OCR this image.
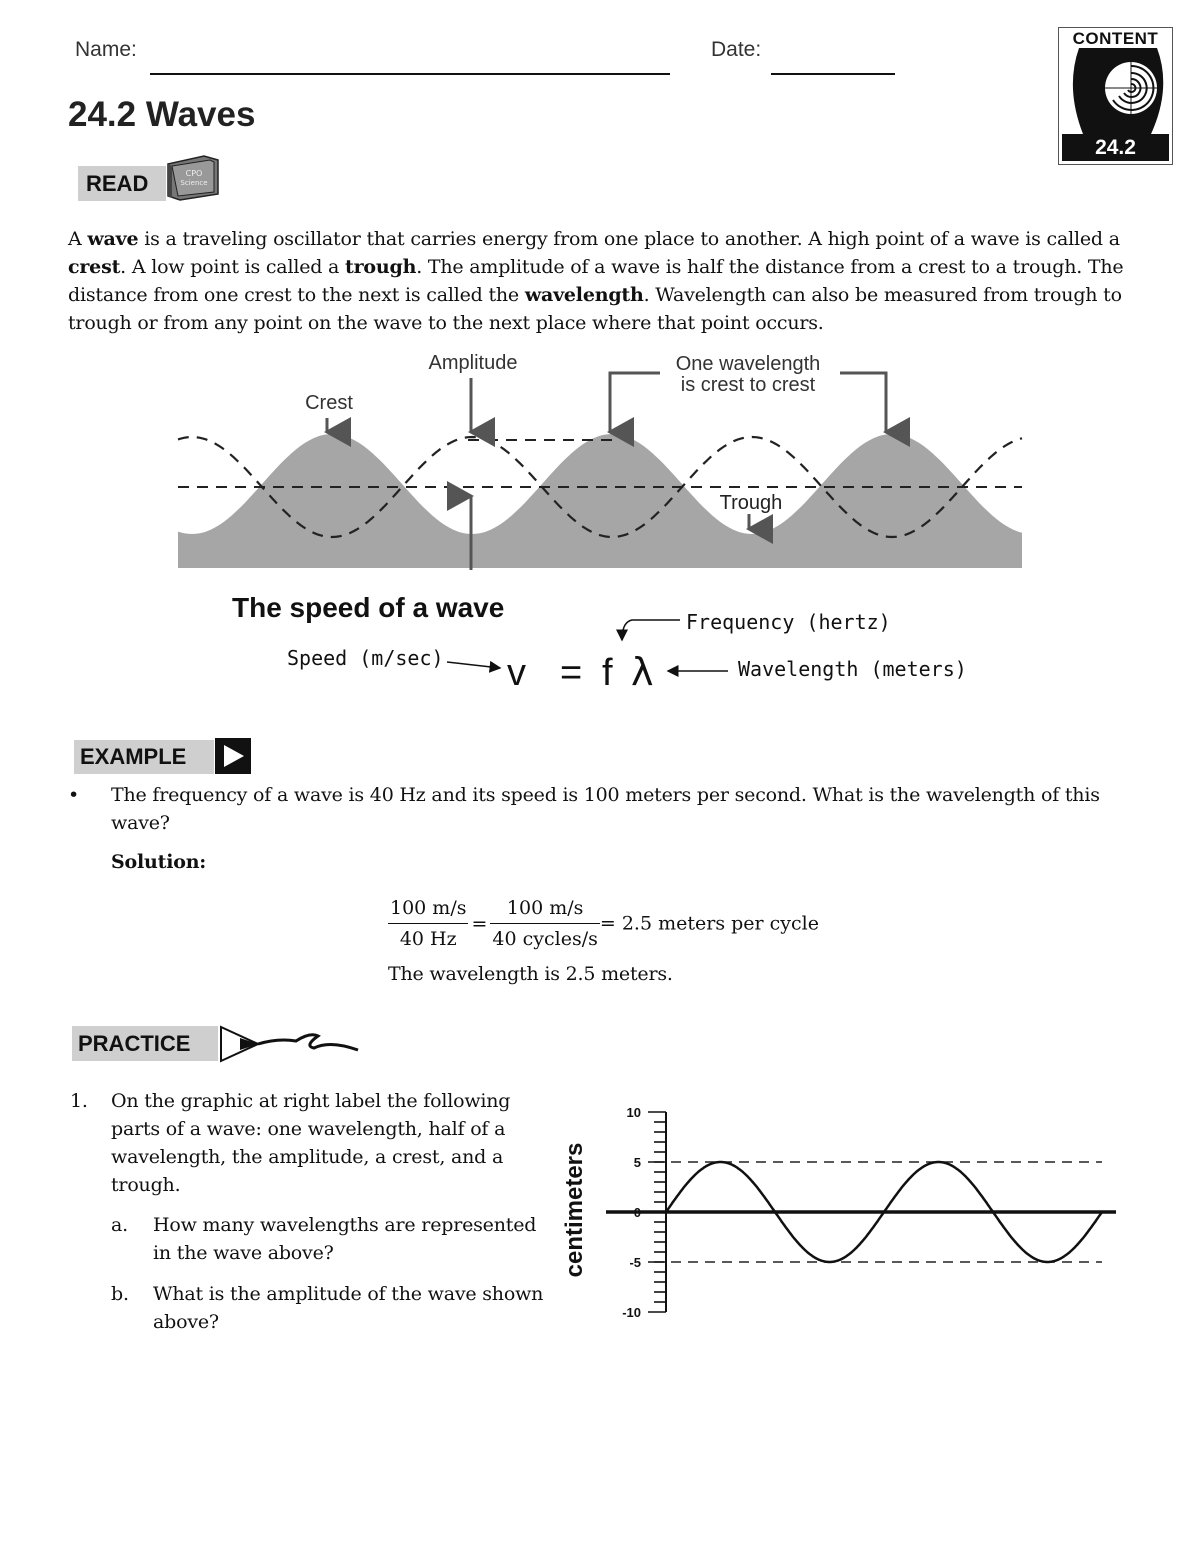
Name:	Date:	CONTENT
24.2
24.2 Waves
READ	CPO
Science
A wave is a traveling oscillator that carries energy from one place to another. A high point of a wave is called a crest. A low point is called a trough. The amplitude of a wave is half the distance from a crest to a trough. The distance from one crest to the next is called the wavelength. Wavelength can also be measured from trough to trough or from any point on the wave to the next place where that point occurs.
Crest
Amplitude	One wavelength
is crest to crest
Trough
The speed of a wave	Frequency (hertz)
Speed (m/sec) v = f λ	Wavelength (meters)
EXAMPLE
• The frequency of a wave is 40 Hz and its speed is 100 meters per second. What is the wavelength of this wave?
Solution:
$\frac{100 m/s}{40 Hz} = \frac{100 m/s}{\text{40 cycles/s}} = 2.5$ meters per cycle
The wavelength is 2.5 meters.
PRACTICE
1. On the graphic at right label the following parts of a wave: one wavelength, half of a wavelength, the amplitude, a crest, and a trough.
a. How many wavelengths are represented in the wave above?
b. What is the amplitude of the wave shown above?
centimeters
10
5
0
-5
-10
